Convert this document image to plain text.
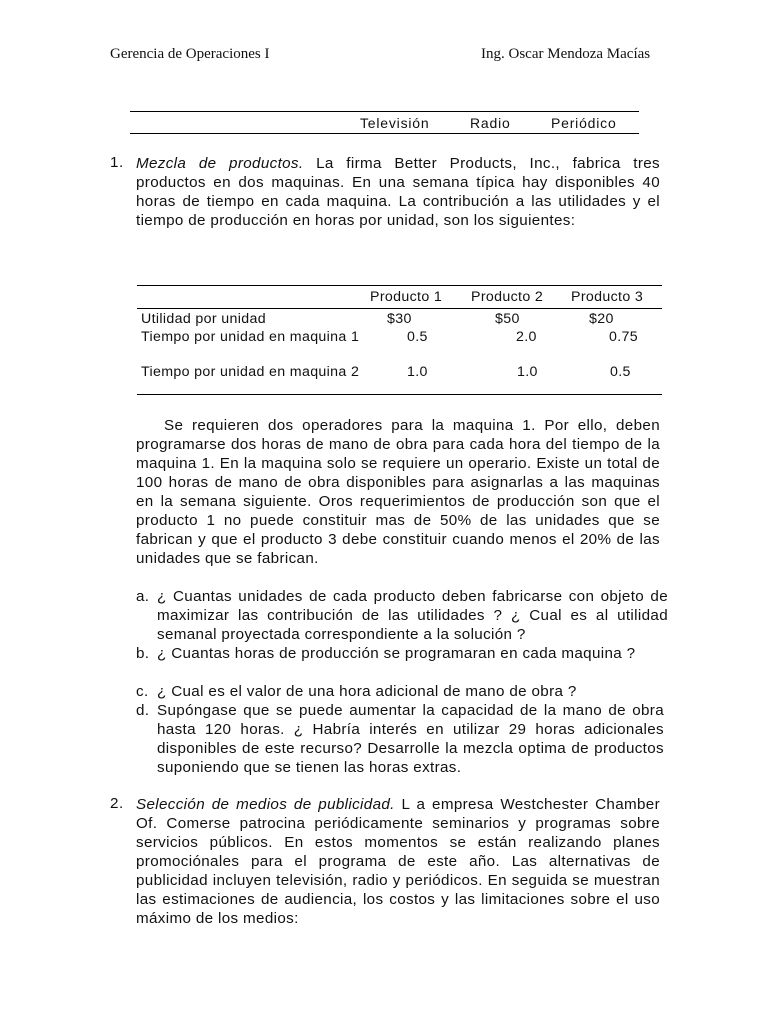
Gerencia de Operaciones I	Ing. Oscar Mendoza Macías
Televisión	Radio	Periódico
1. Mezcla de productos. La firma Better Products, Inc., fabrica tres productos en dos maquinas. En una semana típica hay disponibles 40 horas de tiempo en cada maquina. La contribución a las utilidades y el tiempo de producción en horas por unidad, son los siguientes:
Producto 1 Producto 2 Producto 3
Utilidad por unidad	$30	$50	$20
Tiempo por unidad en maquina 1	0.5	2.0	0.75
Tiempo por unidad en maquina 2	1.0	1.0	0.5
Se requieren dos operadores para la maquina 1. Por ello, deben programarse dos horas de mano de obra para cada hora del tiempo de la maquina 1. En la maquina solo se requiere un operario. Existe un total de 100 horas de mano de obra disponibles para asignarlas a las maquinas en la semana siguiente. Oros requerimientos de producción son que el producto 1 no puede constituir mas de 50% de las unidades que se fabrican y que el producto 3 debe constituir cuando menos el 20% de las unidades que se fabrican.
a. ¿ Cuantas unidades de cada producto deben fabricarse con objeto de maximizar las contribución de las utilidades ? ¿ Cual es al utilidad semanal proyectada correspondiente a la solución ?
b. ¿ Cuantas horas de producción se programaran en cada maquina ?
c. ¿ Cual es el valor de una hora adicional de mano de obra ?
d. Supóngase que se puede aumentar la capacidad de la mano de obra hasta 120 horas. ¿ Habría interés en utilizar 29 horas adicionales disponibles de este recurso? Desarrolle la mezcla optima de productos suponiendo que se tienen las horas extras.
2. Selección de medios de publicidad. L a empresa Westchester Chamber Of. Comerse patrocina periódicamente seminarios y programas sobre servicios públicos. En estos momentos se están realizando planes promociónales para el programa de este año. Las alternativas de publicidad incluyen televisión, radio y periódicos. En seguida se muestran las estimaciones de audiencia, los costos y las limitaciones sobre el uso máximo de los medios:
